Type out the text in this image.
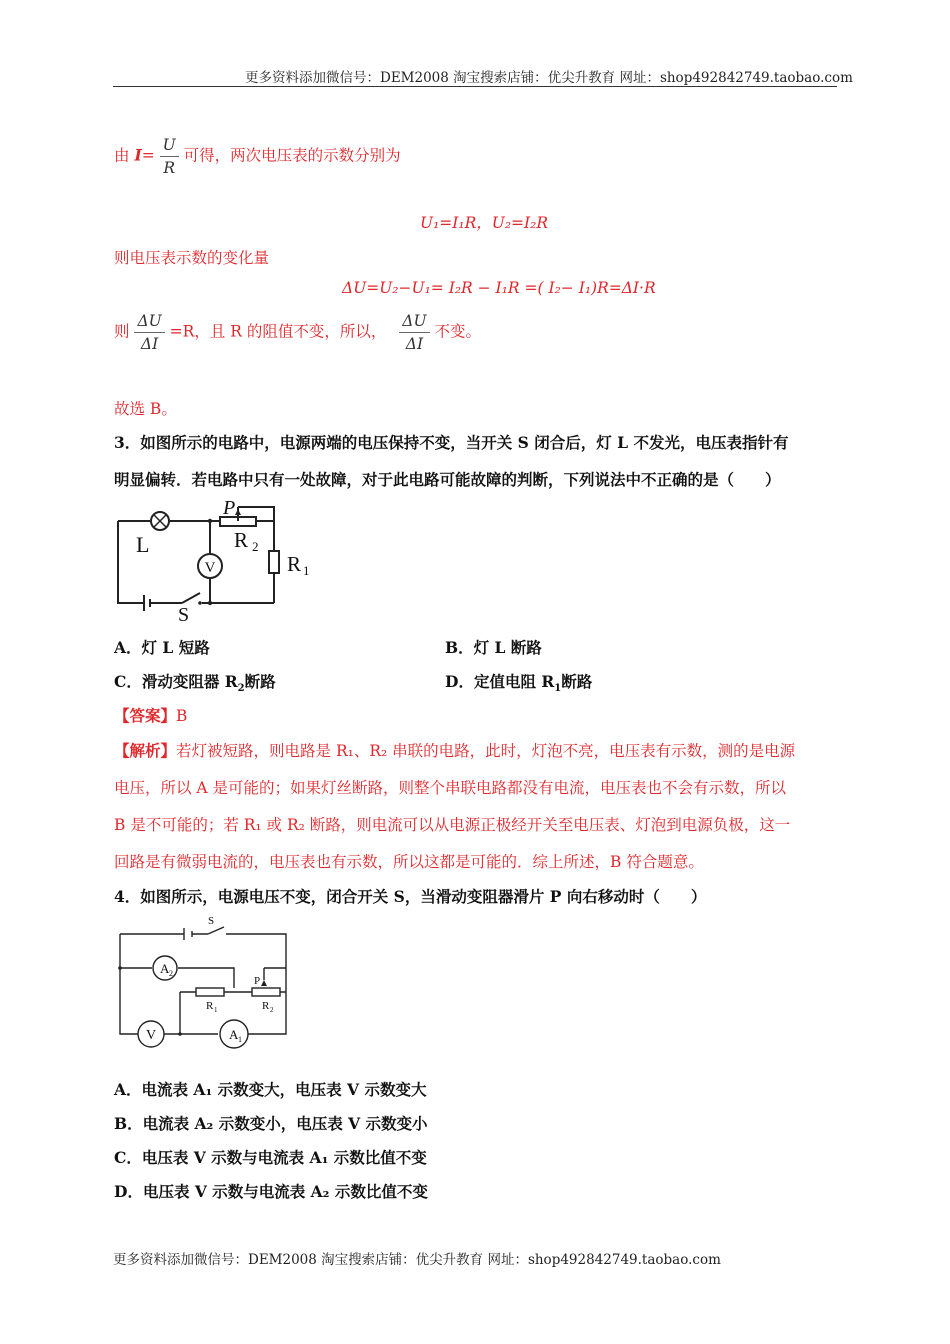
更多资料添加微信号：DEM2008 淘宝搜索店铺：优尖升教育 网址：shop492842749.taobao.com
由 $I= \frac{U}{R}$ 可得，两次电压表的示数分别为
U₁=I₁R，U₂=I₂R
则电压表示数的变化量
ΔU=U₂−U₁= I₂R − I₁R =( I₂− I₁)R=ΔI·R
则 $\frac{\Delta U}{\Delta I} =R$，且 R 的阻值不变，所以， $\frac{\Delta U}{\Delta I}$ 不变。
故选 B。
3．如图所示的电路中，电源两端的电压保持不变，当开关 S 闭合后，灯 L 不发光，电压表指针有
明显偏转．若电路中只有一处故障，对于此电路可能故障的判断，下列说法中不正确的是（　　）
V
L
P
R 2
R 1
S
A．灯 L 短路	B．灯 L 断路
C．滑动变阻器 $R_2$断路	D．定值电阻 $R_1$断路
【答案】B
【解析】若灯被短路，则电路是 R₁、R₂ 串联的电路，此时，灯泡不亮，电压表有示数，测的是电源
电压，所以 A 是可能的；如果灯丝断路，则整个串联电路都没有电流，电压表也不会有示数，所以
B 是不可能的；若 R₁ 或 R₂ 断路，则电流可以从电源正极经开关至电压表、灯泡到电源负极，这一
回路是有微弱电流的，电压表也有示数，所以这都是可能的．综上所述，B 符合题意。
4．如图所示，电源电压不变，闭合开关 S，当滑动变阻器滑片 P 向右移动时（　　）
A 2
V	A 1
S
P
R 1	R 2
A．电流表 A₁ 示数变大，电压表 V 示数变大
B．电流表 A₂ 示数变小，电压表 V 示数变小
C．电压表 V 示数与电流表 A₁ 示数比值不变
D．电压表 V 示数与电流表 A₂ 示数比值不变
更多资料添加微信号：DEM2008 淘宝搜索店铺：优尖升教育 网址：shop492842749.taobao.com
